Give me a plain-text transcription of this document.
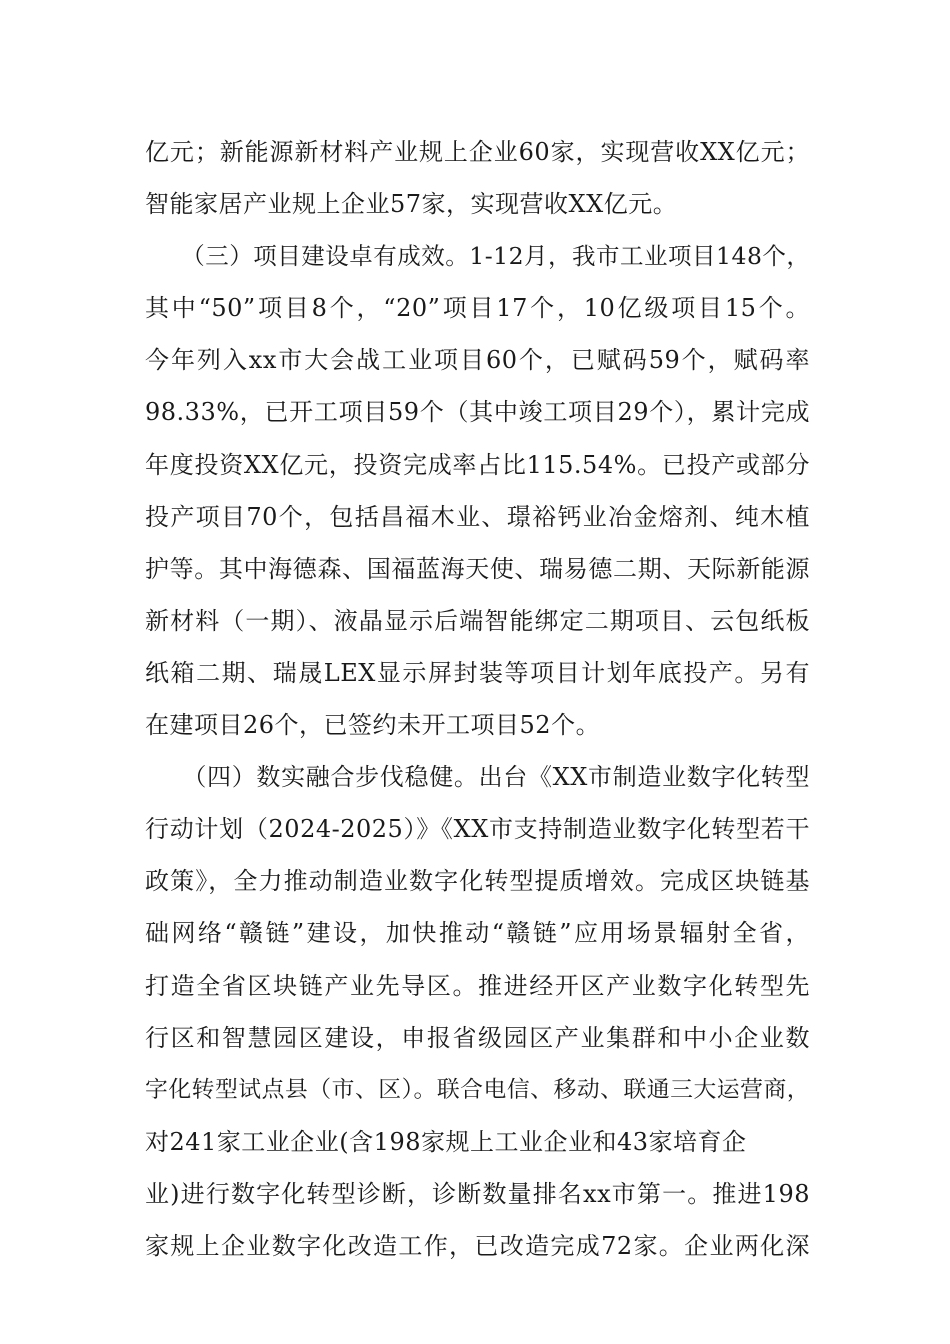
亿元；新能源新材料产业规上企业60家，实现营收XX亿元；
智能家居产业规上企业57家，实现营收XX亿元。
　　（三）项目建设卓有成效。1-12月，我市工业项目148个，
其中“50”项目8个，“20”项目17个，10亿级项目15个。
今年列入xx市大会战工业项目60个，已赋码59个，赋码率
98.33%，已开工项目59个（其中竣工项目29个），累计完成
年度投资XX亿元，投资完成率占比115.54%。已投产或部分
投产项目70个，包括昌福木业、璟裕钙业冶金熔剂、纯木植
护等。其中海德森、国福蓝海天使、瑞易德二期、天际新能源
新材料（一期）、液晶显示后端智能绑定二期项目、云包纸板
纸箱二期、瑞晟LEX显示屏封装等项目计划年底投产。另有
在建项目26个，已签约未开工项目52个。
　　（四）数实融合步伐稳健。出台《XX市制造业数字化转型
行动计划（2024-2025）》《XX市支持制造业数字化转型若干
政策》，全力推动制造业数字化转型提质增效。完成区块链基
础网络“赣链”建设，加快推动“赣链”应用场景辐射全省，
打造全省区块链产业先导区。推进经开区产业数字化转型先
行区和智慧园区建设，申报省级园区产业集群和中小企业数
字化转型试点县（市、区）。联合电信、移动、联通三大运营商，
对241家工业企业(含198家规上工业企业和43家培育企
业)进行数字化转型诊断，诊断数量排名xx市第一。推进198
家规上企业数字化改造工作，已改造完成72家。企业两化深
